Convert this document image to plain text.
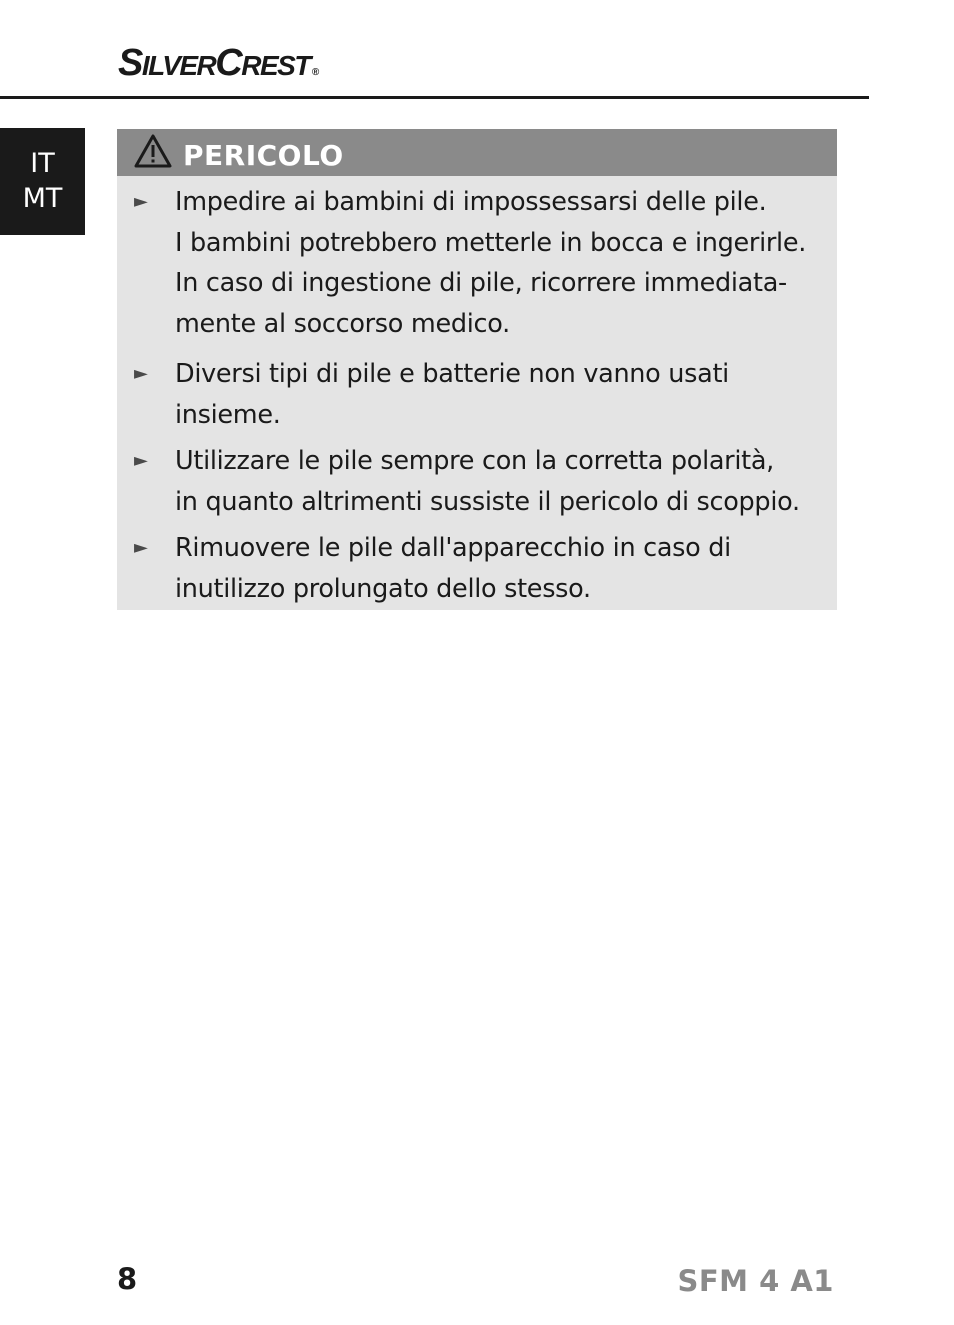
SILVERCREST ®
IT
MT
PERICOLO
► Impedire ai bambini di impossessarsi delle pile.
I bambini potrebbero metterle in bocca e ingerirle.
In caso di ingestione di pile, ricorrere immediata-
mente al soccorso medico.
► Diversi tipi di pile e batterie non vanno usati
insieme.
► Utilizzare le pile sempre con la corretta polarità,
in quanto altrimenti sussiste il pericolo di scoppio.
► Rimuovere le pile dall'apparecchio in caso di
inutilizzo prolungato dello stesso.
8	SFM 4 A1
